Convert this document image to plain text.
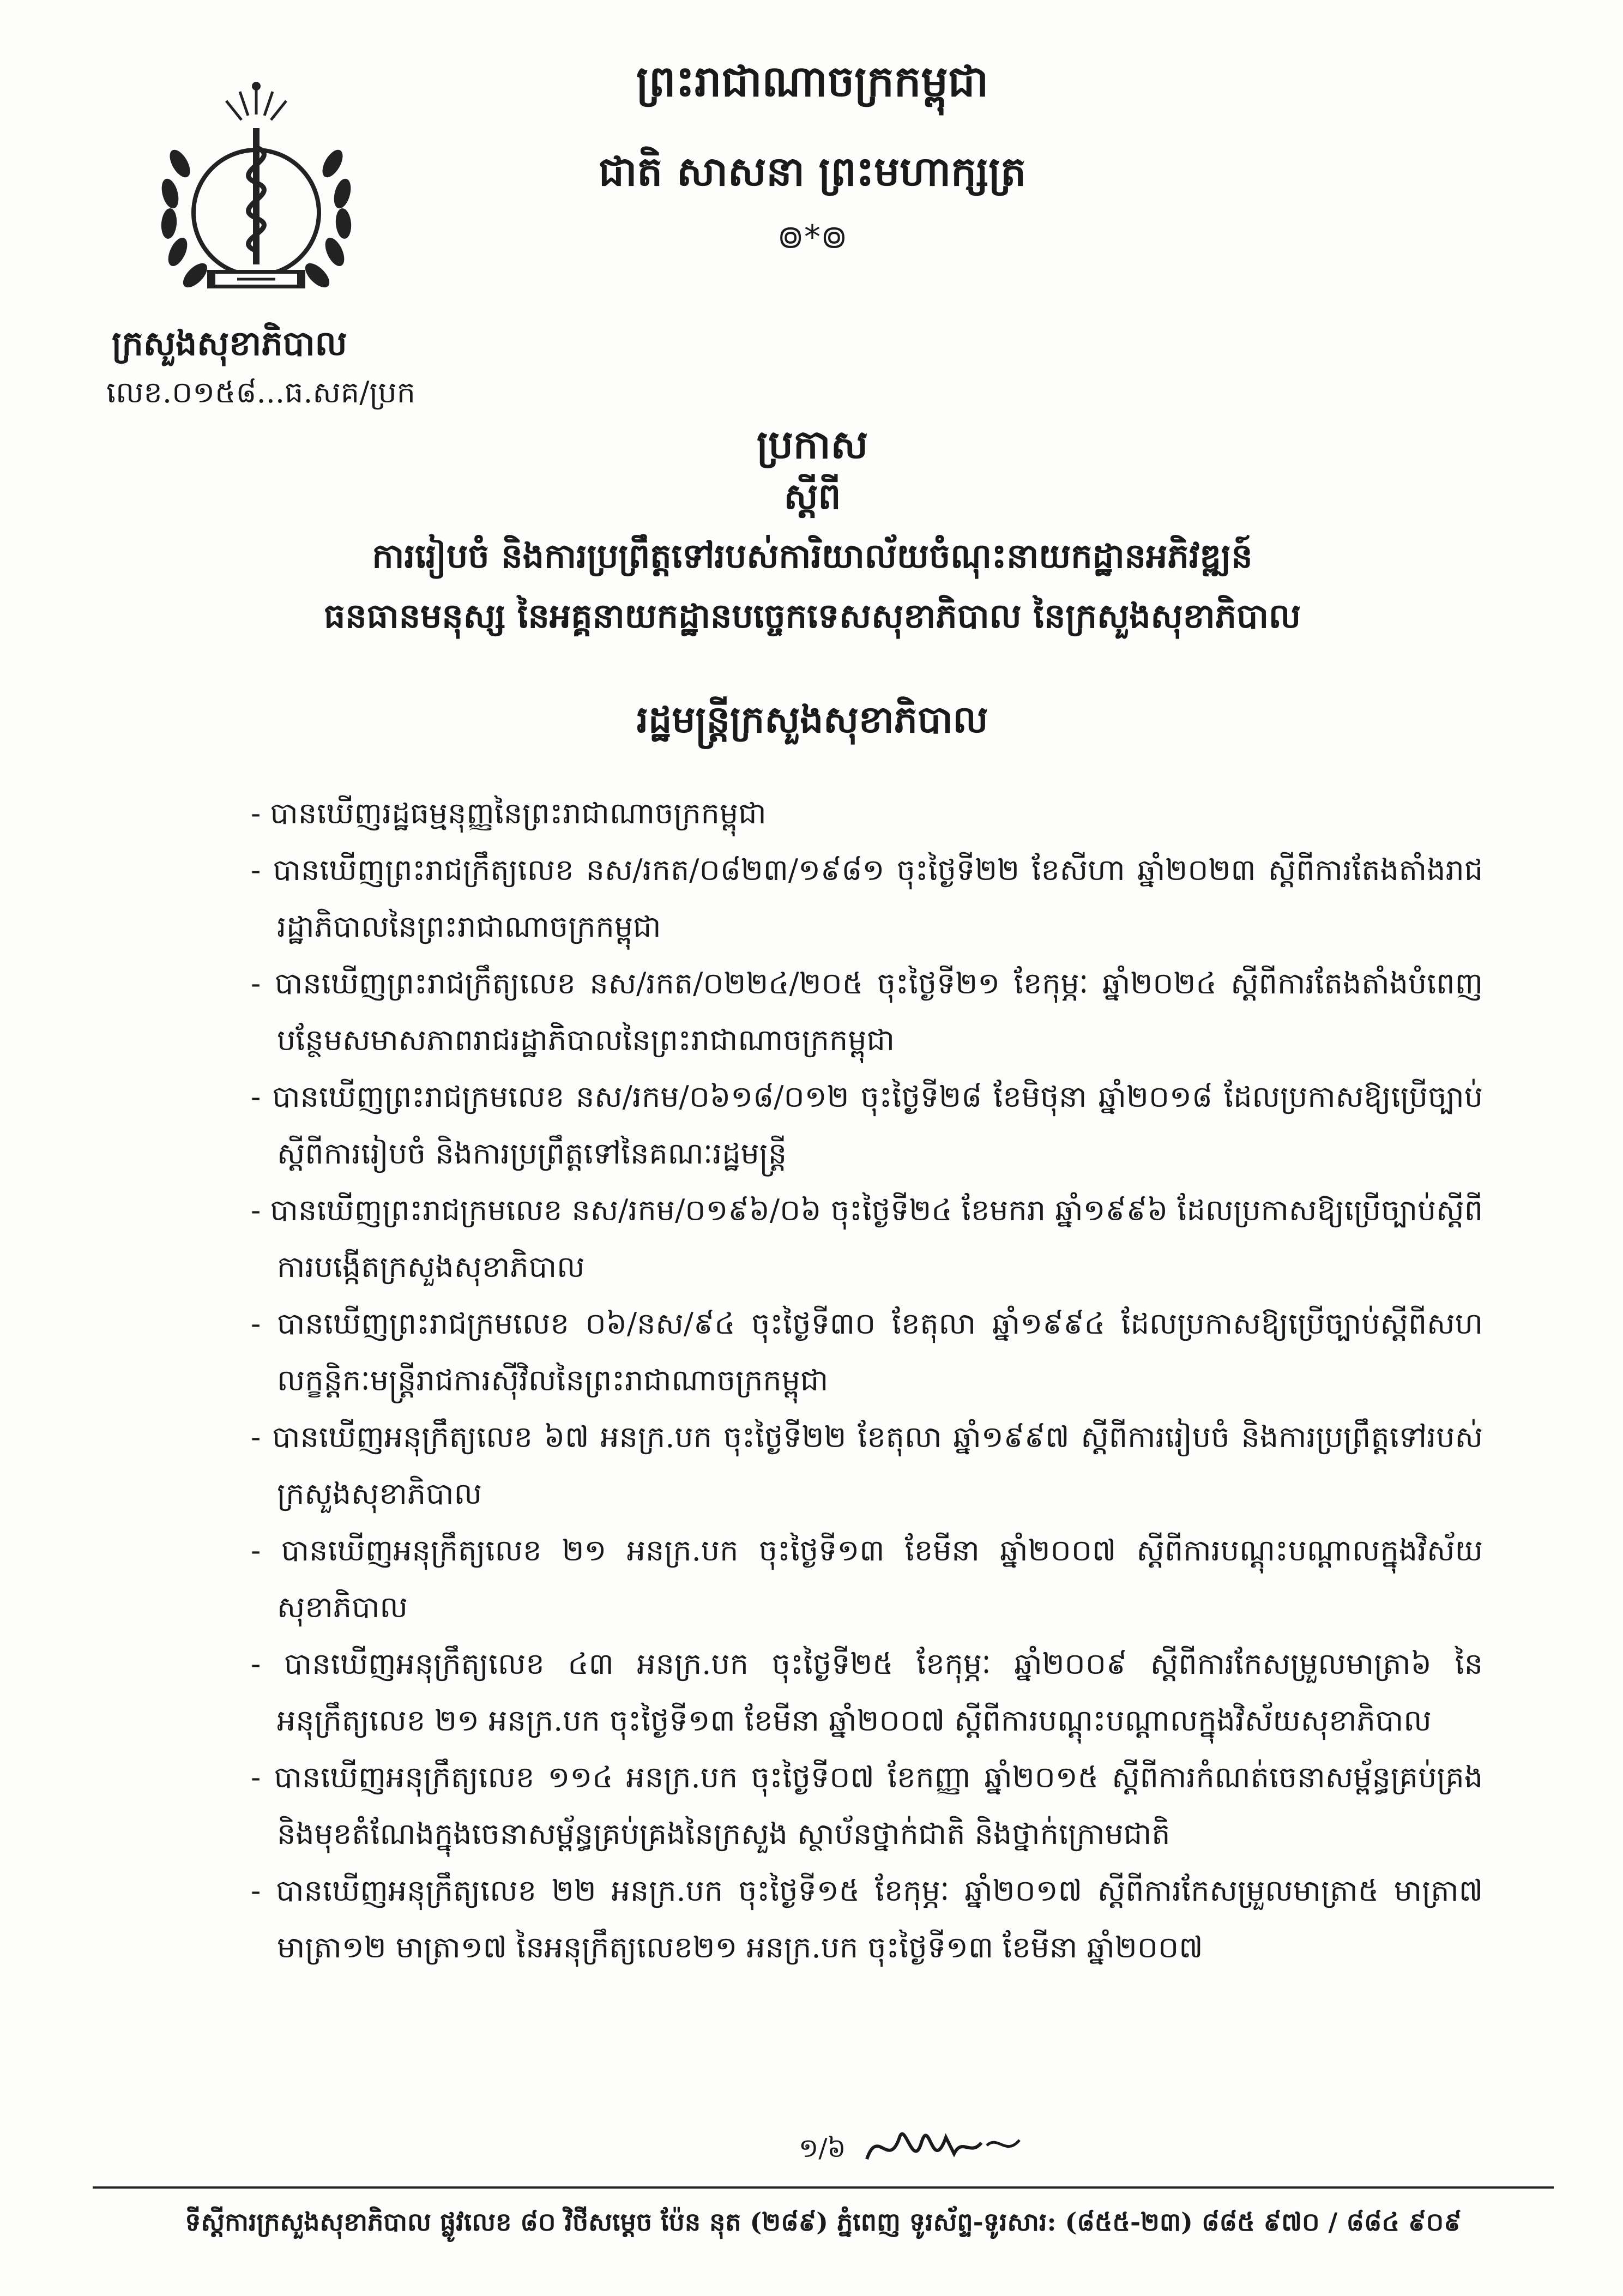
ព្រះរាជាណាចក្រកម្ពុជា
ជាតិ សាសនា ព្រះមហាក្សត្រ
៙*៙
ក្រសួងសុខាភិបាល
លេខ.០១៥៨...ធ.សគ/ប្រក
ប្រកាស
ស្តីពី
ការរៀបចំ និងការប្រព្រឹត្តទៅរបស់ការិយាល័យចំណុះនាយកដ្ឋានអភិវឌ្ឍន៍
ធនធានមនុស្ស នៃអគ្គនាយកដ្ឋានបច្ចេកទេសសុខាភិបាល នៃក្រសួងសុខាភិបាល
រដ្ឋមន្ត្រីក្រសួងសុខាភិបាល
- បានឃើញរដ្ឋធម្មនុញ្ញនៃព្រះរាជាណាចក្រកម្ពុជា
- បានឃើញព្រះរាជក្រឹត្យលេខ នស/រកត/០៨២៣/១៩៨១ ចុះថ្ងៃទី២២ ខែសីហា ឆ្នាំ២០២៣ ស្តីពីការតែងតាំងរាជរដ្ឋាភិបាលនៃព្រះរាជាណាចក្រកម្ពុជា
- បានឃើញព្រះរាជក្រឹត្យលេខ នស/រកត/០២២៤/២០៥ ចុះថ្ងៃទី២១ ខែកុម្ភៈ ឆ្នាំ២០២៤ ស្តីពីការតែងតាំងបំពេញបន្ថែមសមាសភាពរាជរដ្ឋាភិបាលនៃព្រះរាជាណាចក្រកម្ពុជា
- បានឃើញព្រះរាជក្រមលេខ នស/រកម/០៦១៨/០១២ ចុះថ្ងៃទី២៨ ខែមិថុនា ឆ្នាំ២០១៨ ដែលប្រកាសឱ្យប្រើច្បាប់ស្តីពីការរៀបចំ និងការប្រព្រឹត្តទៅនៃគណៈរដ្ឋមន្ត្រី
- បានឃើញព្រះរាជក្រមលេខ នស/រកម/០១៩៦/០៦ ចុះថ្ងៃទី២៤ ខែមករា ឆ្នាំ១៩៩៦ ដែលប្រកាសឱ្យប្រើច្បាប់ស្តីពីការបង្កើតក្រសួងសុខាភិបាល
- បានឃើញព្រះរាជក្រមលេខ ០៦/នស/៩៤ ចុះថ្ងៃទី៣០ ខែតុលា ឆ្នាំ១៩៩៤ ដែលប្រកាសឱ្យប្រើច្បាប់ស្តីពីសហលក្ខន្តិកៈមន្ត្រីរាជការស៊ីវិលនៃព្រះរាជាណាចក្រកម្ពុជា
- បានឃើញអនុក្រឹត្យលេខ ៦៧ អនក្រ.បក ចុះថ្ងៃទី២២ ខែតុលា ឆ្នាំ១៩៩៧ ស្តីពីការរៀបចំ និងការប្រព្រឹត្តទៅរបស់ក្រសួងសុខាភិបាល
- បានឃើញអនុក្រឹត្យលេខ ២១ អនក្រ.បក ចុះថ្ងៃទី១៣ ខែមីនា ឆ្នាំ២០០៧ ស្តីពីការបណ្តុះបណ្តាលក្នុងវិស័យសុខាភិបាល
- បានឃើញអនុក្រឹត្យលេខ ៤៣ អនក្រ.បក ចុះថ្ងៃទី២៥ ខែកុម្ភៈ ឆ្នាំ២០០៩ ស្តីពីការកែសម្រួលមាត្រា៦ នៃអនុក្រឹត្យលេខ ២១ អនក្រ.បក ចុះថ្ងៃទី១៣ ខែមីនា ឆ្នាំ២០០៧ ស្តីពីការបណ្តុះបណ្តាលក្នុងវិស័យសុខាភិបាល
- បានឃើញអនុក្រឹត្យលេខ ១១៤ អនក្រ.បក ចុះថ្ងៃទី០៧ ខែកញ្ញា ឆ្នាំ២០១៥ ស្តីពីការកំណត់ចេនាសម្ព័ន្ធគ្រប់គ្រង និងមុខតំណែងក្នុងចេនាសម្ព័ន្ធគ្រប់គ្រងនៃក្រសួង ស្ថាប័នថ្នាក់ជាតិ និងថ្នាក់ក្រោមជាតិ
- បានឃើញអនុក្រឹត្យលេខ ២២ អនក្រ.បក ចុះថ្ងៃទី១៥ ខែកុម្ភៈ ឆ្នាំ២០១៧ ស្តីពីការកែសម្រួលមាត្រា៥ មាត្រា៧ មាត្រា១២ មាត្រា១៧ នៃអនុក្រឹត្យលេខ២១ អនក្រ.បក ចុះថ្ងៃទី១៣ ខែមីនា ឆ្នាំ២០០៧
១/៦
ទីស្តីការក្រសួងសុខាភិបាល ផ្លូវលេខ ៨០ វិថីសម្តេច ប៉ែន នុត (២៨៩) ភ្នំពេញ ទូរស័ព្ទ-ទូរសារ: (៨៥៥-២៣) ៨៨៥ ៩៧០ / ៨៨៤ ៩០៩
